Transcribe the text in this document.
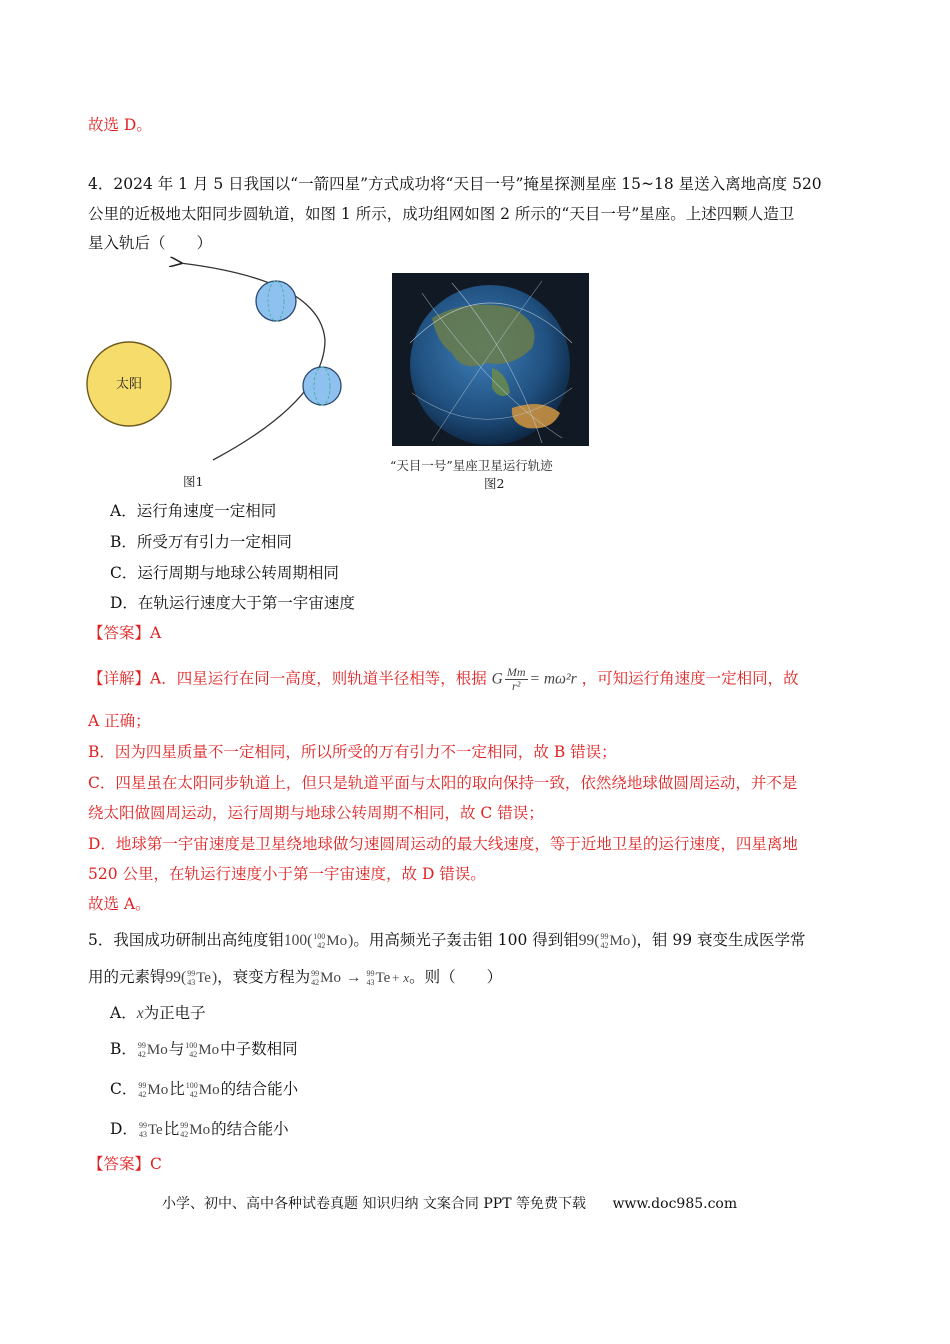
故选 D。
4．2024 年 1 月 5 日我国以“一箭四星”方式成功将“天目一号”掩星探测星座 15~18 星送入离地高度 520
公里的近极地太阳同步圆轨道，如图 1 所示，成功组网如图 2 所示的“天目一号”星座。上述四颗人造卫
星入轨后（　　）
太阳
图1
“天目一号”星座卫星运行轨迹
图2
A．运行角速度一定相同
B．所受万有引力一定相同
C．运行周期与地球公转周期相同
D．在轨运行速度大于第一宇宙速度
【答案】A
【详解】A．四星运行在同一高度，则轨道半径相等，根据 G $\frac{Mm}{\text{r²}} = m\omega^2r$ ，可知运行角速度一定相同，故
A 正确；
B．因为四星质量不一定相同，所以所受的万有引力不一定相同，故 B 错误；
C．四星虽在太阳同步轨道上，但只是轨道平面与太阳的取向保持一致，依然绕地球做圆周运动，并不是
绕太阳做圆周运动，运行周期与地球公转周期不相同，故 C 错误；
D．地球第一宇宙速度是卫星绕地球做匀速圆周运动的最大线速度，等于近地卫星的运行速度，四星离地
520 公里，在轨运行速度小于第一宇宙速度，故 D 错误。
故选 A。
5．我国成功研制出高纯度钼100( 100
42 Mo )。用高频光子轰击钼 100 得到钼99( 99
42 Mo )，钼 99 衰变生成医学常
用的元素锝99( 99
43 Te )，衰变方程为 99
42 Mo → 99
43 Te + x。则（　　）
A．x为正电子
B． 99
42 Mo 与 100
42 Mo 中子数相同
C． 99
42 Mo 比 100
42 Mo 的结合能小
D． 99
43 Te 比 99
42 Mo 的结合能小
【答案】C
小学、初中、高中各种试卷真题 知识归纳 文案合同 PPT 等免费下载 www.doc985.com
